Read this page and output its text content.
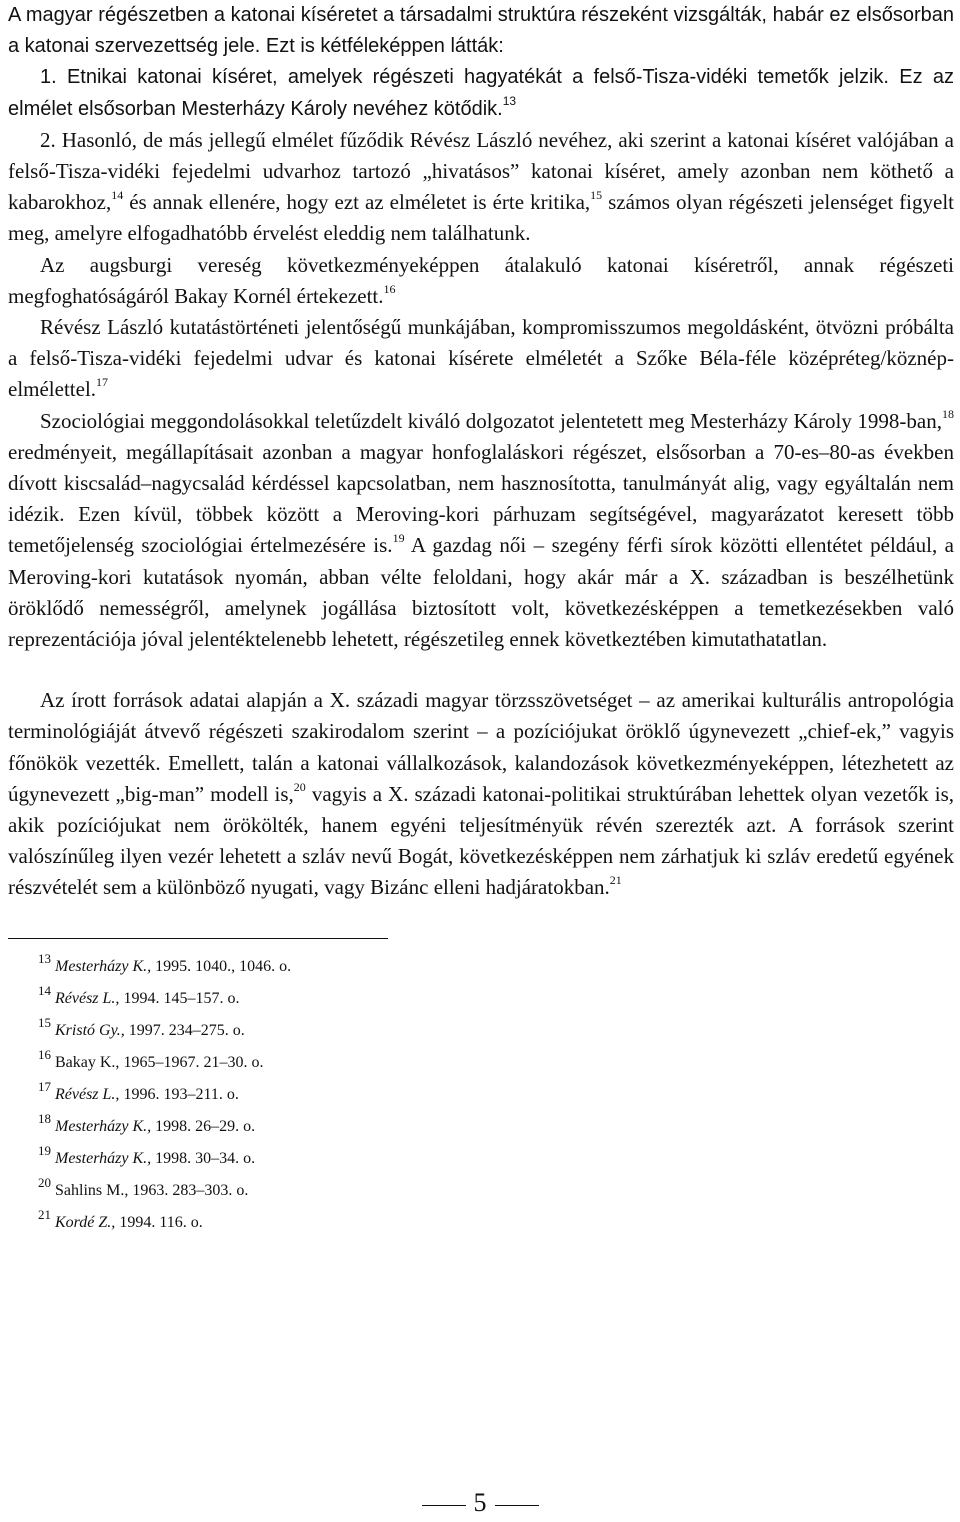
A magyar régészetben a katonai kíséretet a társadalmi struktúra részeként vizsgálták, habár ez elsősorban a katonai szervezettség jele. Ezt is kétféleképpen látták:

1. Etnikai katonai kíséret, amelyek régészeti hagyatékát a felső-Tisza-vidéki temetők jelzik. Ez az elmélet elsősorban Mesterházy Károly nevéhez kötődik.$^{13}$

2. Hasonló, de más jellegű elmélet fűződik Révész László nevéhez, aki szerint a katonai kíséret valójában a felső-Tisza-vidéki fejedelmi udvarhoz tartozó „hivatásos” katonai kíséret, amely azonban nem köthető a kabarokhoz,$^{14}$ és annak ellenére, hogy ezt az elméletet is érte kritika,$^{15}$ számos olyan régészeti jelenséget figyelt meg, amelyre elfogadhatóbb érvelést eleddig nem találhatunk.

Az augsburgi vereség következményeképpen átalakuló katonai kíséretről, annak régészeti megfoghatóságáról Bakay Kornél értekezett.$^{16}$

Révész László kutatástörténeti jelentőségű munkájában, kompromisszumos megoldásként, ötvözni próbálta a felső-Tisza-vidéki fejedelmi udvar és katonai kísérete elméletét a Szőke Béla-féle középréteg/köznép-elmélettel.$^{17}$

Szociológiai meggondolásokkal teletűzdelt kiváló dolgozatot jelentetett meg Mesterházy Károly 1998-ban,$^{18}$ eredményeit, megállapításait azonban a magyar honfoglaláskori régészet, elsősorban a 70-es–80-as években dívott kiscsalád–nagycsalád kérdéssel kapcsolatban, nem hasznosította, tanulmányát alig, vagy egyáltalán nem idézik. Ezen kívül, többek között a Meroving-kori párhuzam segítségével, magyarázatot keresett több temetőjelenség szociológiai értelmezésére is.$^{19}$ A gazdag női – szegény férfi sírok közötti ellentétet például, a Meroving-kori kutatások nyomán, abban vélte feloldani, hogy akár már a X. században is beszélhetünk öröklődő nemességről, amelynek jogállása biztosított volt, következésképpen a temetkezésekben való reprezentációja jóval jelentéktelenebb lehetett, régészetileg ennek következtében kimutathatatlan.

Az írott források adatai alapján a X. századi magyar törzsszövetséget – az amerikai kulturális antropológia terminológiáját átvevő régészeti szakirodalom szerint – a pozíciójukat öröklő úgynevezett „chief-ek,” vagyis főnökök vezették. Emellett, talán a katonai vállalkozások, kalandozások következményeképpen, létezhetett az úgynevezett „big-man” modell is,$^{20}$ vagyis a X. századi katonai-politikai struktúrában lehettek olyan vezetők is, akik pozíciójukat nem örökölték, hanem egyéni teljesítményük révén szerezték azt. A források szerint valószínűleg ilyen vezér lehetett a szláv nevű Bogát, következésképpen nem zárhatjuk ki szláv eredetű egyének részvételét sem a különböző nyugati, vagy Bizánc elleni hadjáratokban.$^{21}$

$^{13}$ Mesterházy K., 1995. 1040., 1046. o.
$^{14}$ Révész L., 1994. 145–157. o.
$^{15}$ Kristó Gy., 1997. 234–275. o.
$^{16}$ Bakay K., 1965–1967. 21–30. o.
$^{17}$ Révész L., 1996. 193–211. o.
$^{18}$ Mesterházy K., 1998. 26–29. o.
$^{19}$ Mesterházy K., 1998. 30–34. o.
$^{20}$ Sahlins M., 1963. 283–303. o.
$^{21}$ Kordé Z., 1994. 116. o.
5
